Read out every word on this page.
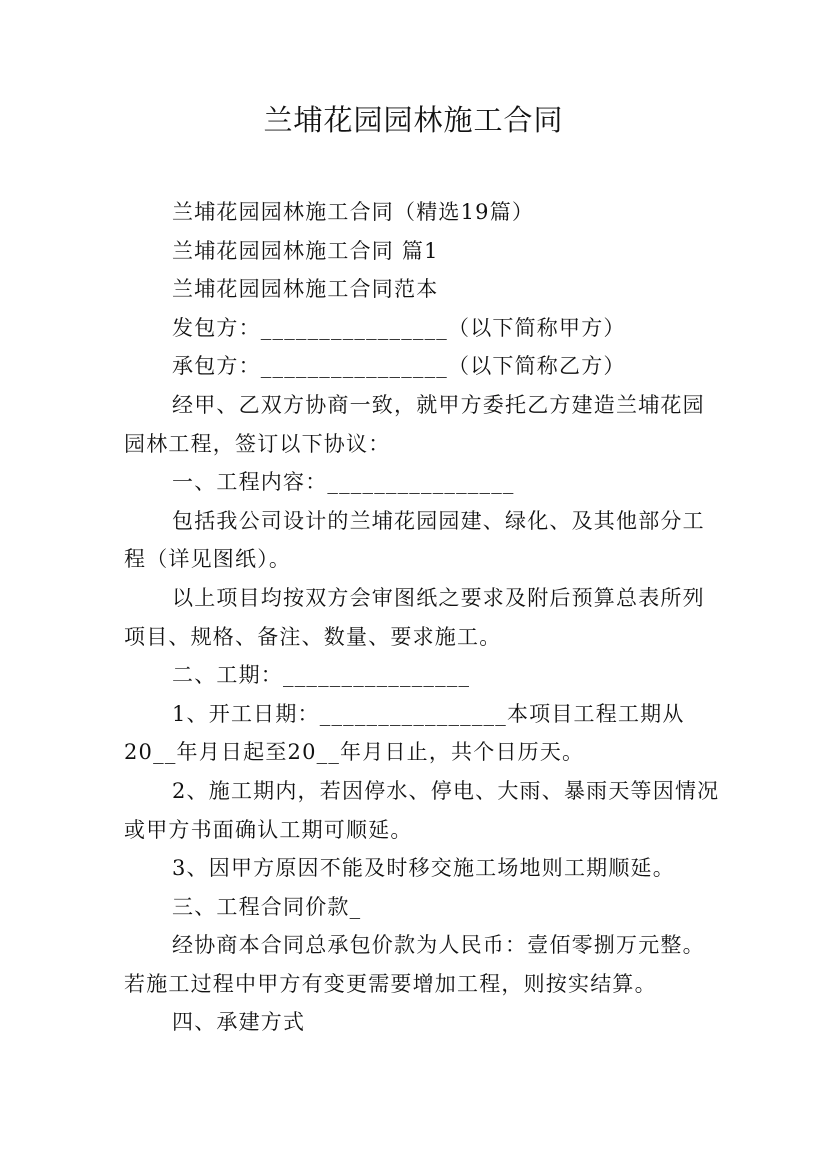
兰埔花园园林施工合同

兰埔花园园林施工合同（精选19篇）

兰埔花园园林施工合同 篇1

兰埔花园园林施工合同范本

发包方：________________（以下简称甲方）

承包方：________________（以下简称乙方）

经甲、乙双方协商一致，就甲方委托乙方建造兰埔花园园林工程，签订以下协议：

一、工程内容：________________

包括我公司设计的兰埔花园园建、绿化、及其他部分工程（详见图纸）。

以上项目均按双方会审图纸之要求及附后预算总表所列项目、规格、备注、数量、要求施工。

二、工期：________________

1、开工日期：________________本项目工程工期从20__年月日起至20__年月日止，共个日历天。

2、施工期内，若因停水、停电、大雨、暴雨天等因情况或甲方书面确认工期可顺延。

3、因甲方原因不能及时移交施工场地则工期顺延。

三、工程合同价款_

经协商本合同总承包价款为人民币：壹佰零捌万元整。若施工过程中甲方有变更需要增加工程，则按实结算。

四、承建方式
